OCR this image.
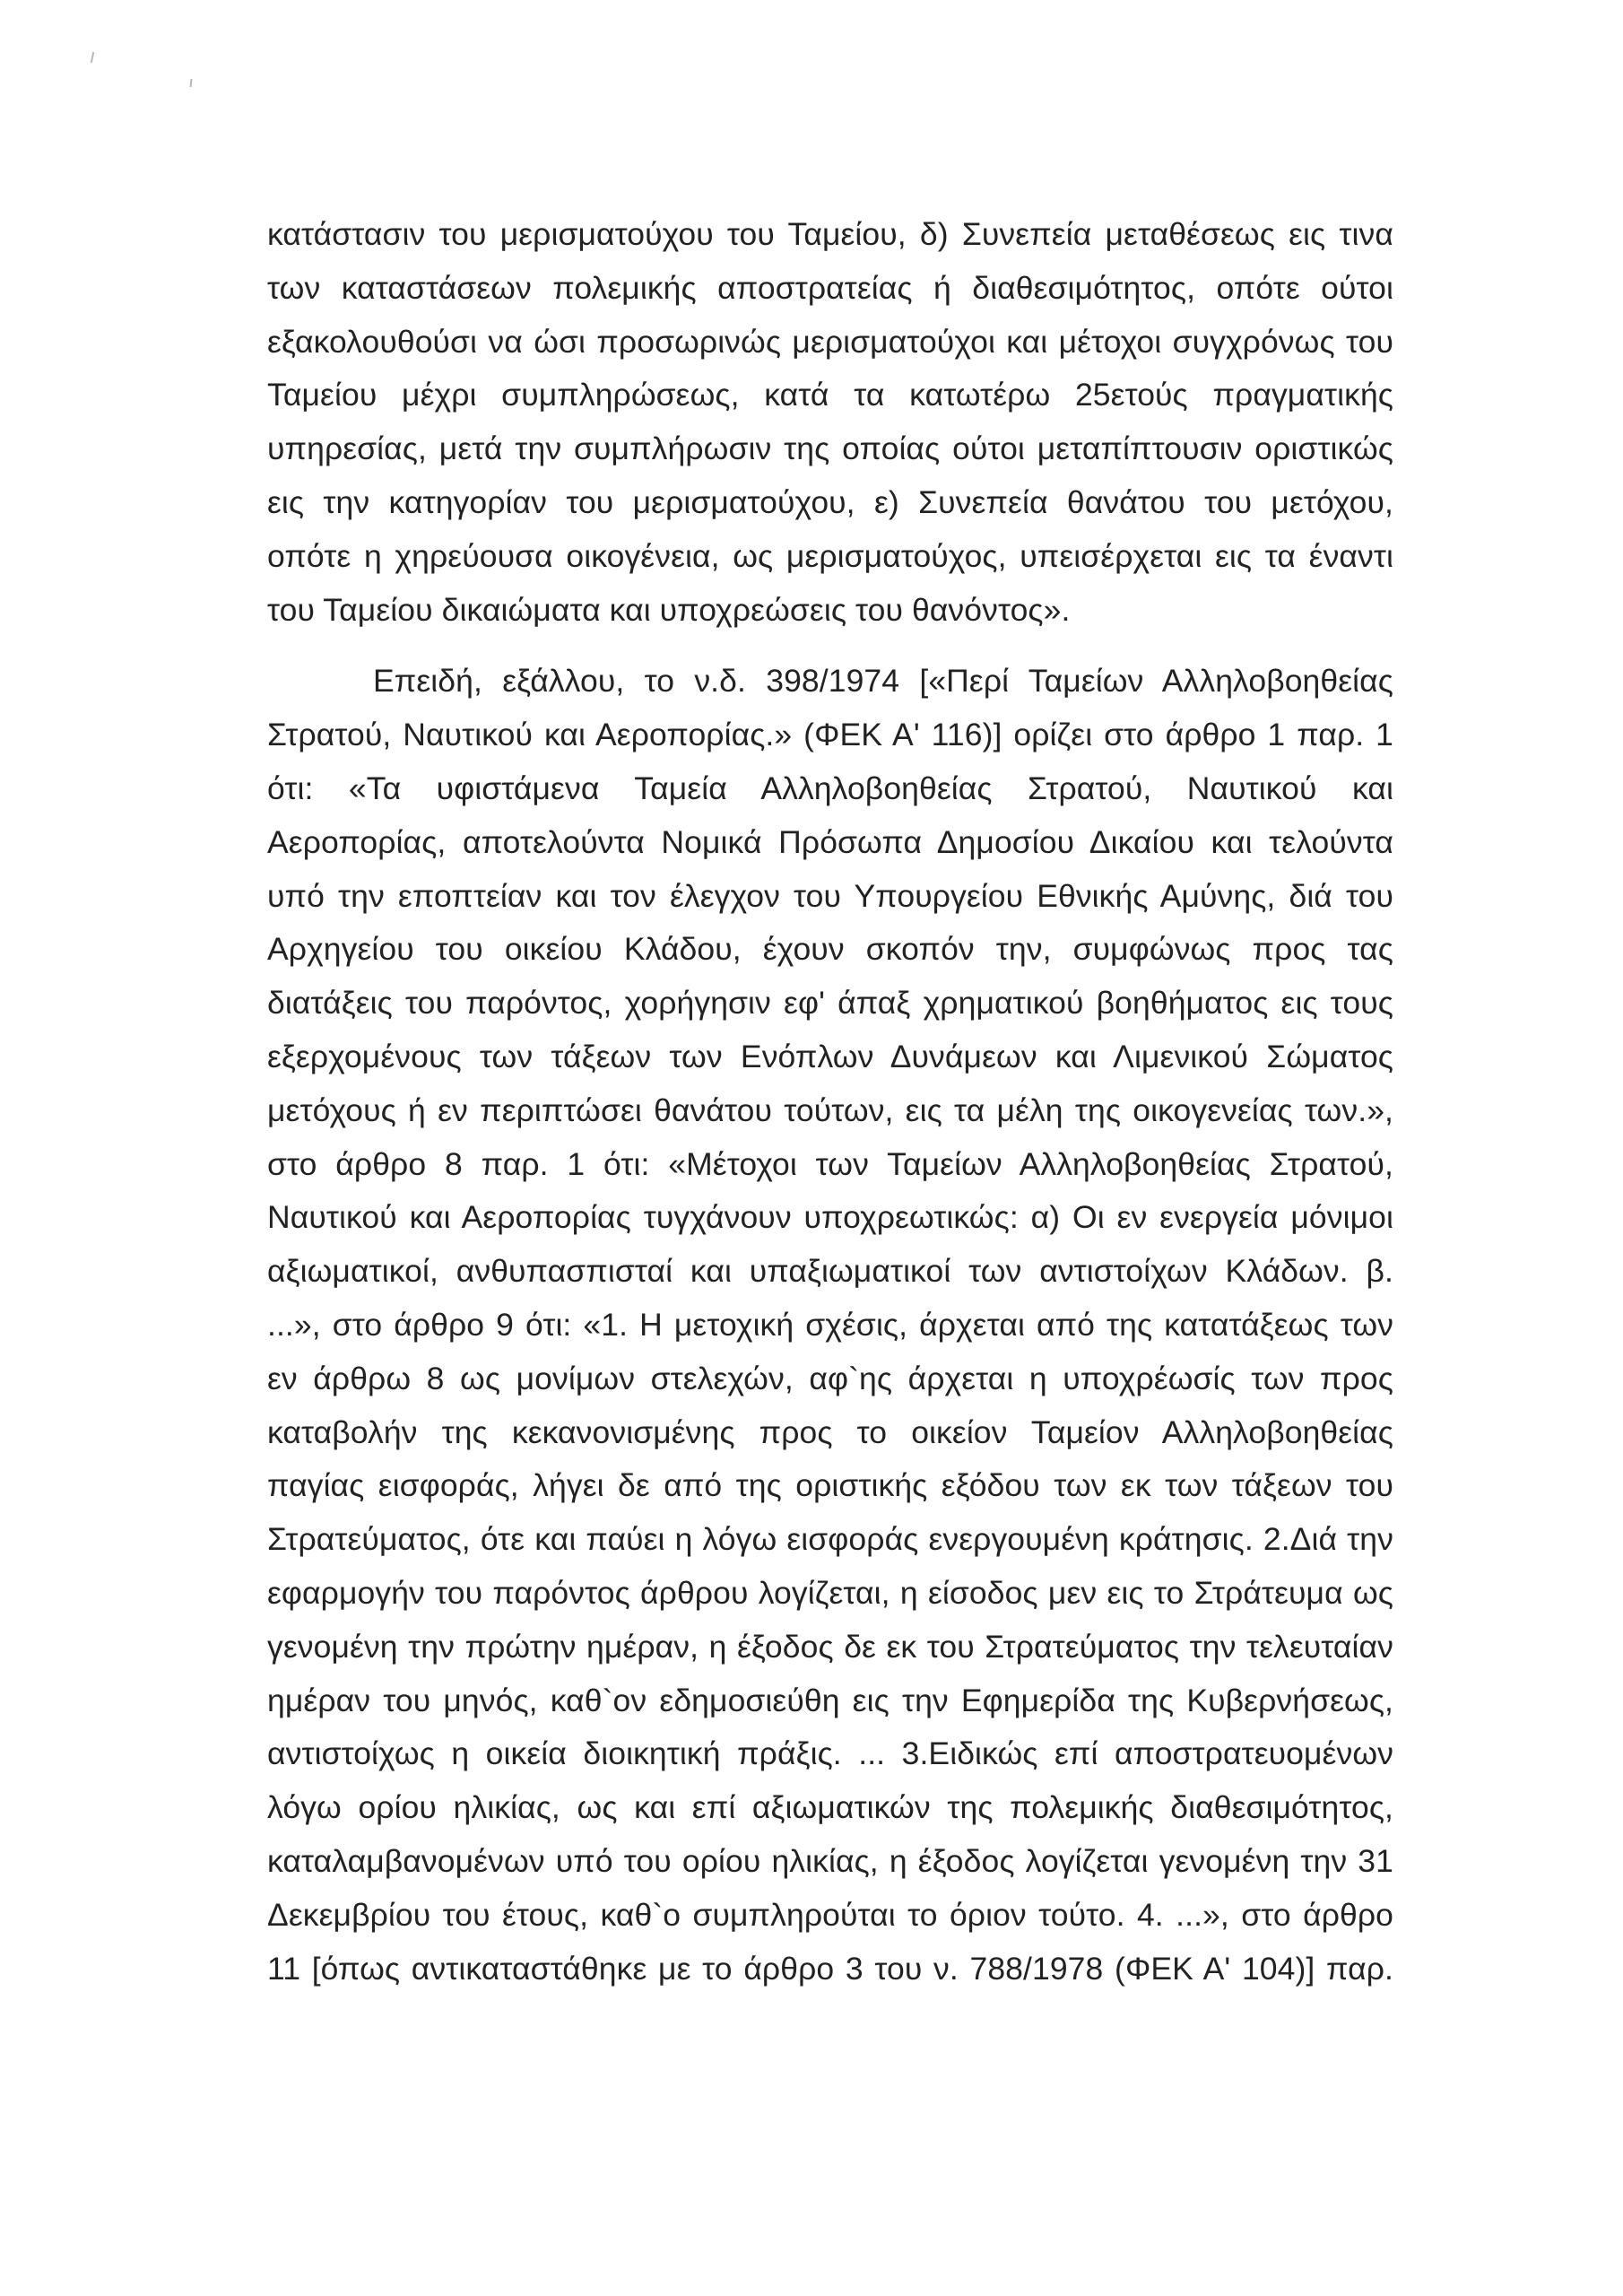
κατάστασιν του μερισματούχου του Ταμείου, δ) Συνεπεία μεταθέσεως εις τινα
των καταστάσεων πολεμικής αποστρατείας ή διαθεσιμότητος, οπότε ούτοι
εξακολουθούσι να ώσι προσωρινώς μερισματούχοι και μέτοχοι συγχρόνως του
Ταμείου μέχρι συμπληρώσεως, κατά τα κατωτέρω 25ετούς πραγματικής
υπηρεσίας, μετά την συμπλήρωσιν της οποίας ούτοι μεταπίπτουσιν οριστικώς
εις την κατηγορίαν του μερισματούχου, ε) Συνεπεία θανάτου του μετόχου,
οπότε η χηρεύουσα οικογένεια, ως μερισματούχος, υπεισέρχεται εις τα έναντι
του Ταμείου δικαιώματα και υποχρεώσεις του θανόντος».
Επειδή, εξάλλου, το ν.δ. 398/1974 [«Περί Ταμείων Αλληλοβοηθείας
Στρατού, Ναυτικού και Αεροπορίας.» (ΦΕΚ Α' 116)] ορίζει στο άρθρο 1 παρ. 1
ότι: «Τα υφιστάμενα Ταμεία Αλληλοβοηθείας Στρατού, Ναυτικού και
Αεροπορίας, αποτελούντα Νομικά Πρόσωπα Δημοσίου Δικαίου και τελούντα
υπό την εποπτείαν και τον έλεγχον του Υπουργείου Εθνικής Αμύνης, διά του
Αρχηγείου του οικείου Κλάδου, έχουν σκοπόν την, συμφώνως προς τας
διατάξεις του παρόντος, χορήγησιν εφ' άπαξ χρηματικού βοηθήματος εις τους
εξερχομένους των τάξεων των Ενόπλων Δυνάμεων και Λιμενικού Σώματος
μετόχους ή εν περιπτώσει θανάτου τούτων, εις τα μέλη της οικογενείας των.»,
στο άρθρο 8 παρ. 1 ότι: «Μέτοχοι των Ταμείων Αλληλοβοηθείας Στρατού,
Ναυτικού και Αεροπορίας τυγχάνουν υποχρεωτικώς: α) Οι εν ενεργεία μόνιμοι
αξιωματικοί, ανθυπασπισταί και υπαξιωματικοί των αντιστοίχων Κλάδων. β.
...», στο άρθρο 9 ότι: «1. Η μετοχική σχέσις, άρχεται από της κατατάξεως των
εν άρθρω 8 ως μονίμων στελεχών, αφ`ης άρχεται η υποχρέωσίς των προς
καταβολήν της κεκανονισμένης προς το οικείον Ταμείον Αλληλοβοηθείας
παγίας εισφοράς, λήγει δε από της οριστικής εξόδου των εκ των τάξεων του
Στρατεύματος, ότε και παύει η λόγω εισφοράς ενεργουμένη κράτησις. 2.Διά την
εφαρμογήν του παρόντος άρθρου λογίζεται, η είσοδος μεν εις το Στράτευμα ως
γενομένη την πρώτην ημέραν, η έξοδος δε εκ του Στρατεύματος την τελευταίαν
ημέραν του μηνός, καθ`ον εδημοσιεύθη εις την Εφημερίδα της Κυβερνήσεως,
αντιστοίχως η οικεία διοικητική πράξις. ... 3.Ειδικώς επί αποστρατευομένων
λόγω ορίου ηλικίας, ως και επί αξιωματικών της πολεμικής διαθεσιμότητος,
καταλαμβανομένων υπό του ορίου ηλικίας, η έξοδος λογίζεται γενομένη την 31
Δεκεμβρίου του έτους, καθ`ο συμπληρούται το όριον τούτο. 4. ...», στο άρθρο
11 [όπως αντικαταστάθηκε με το άρθρο 3 του ν. 788/1978 (ΦΕΚ Α' 104)] παρ.
